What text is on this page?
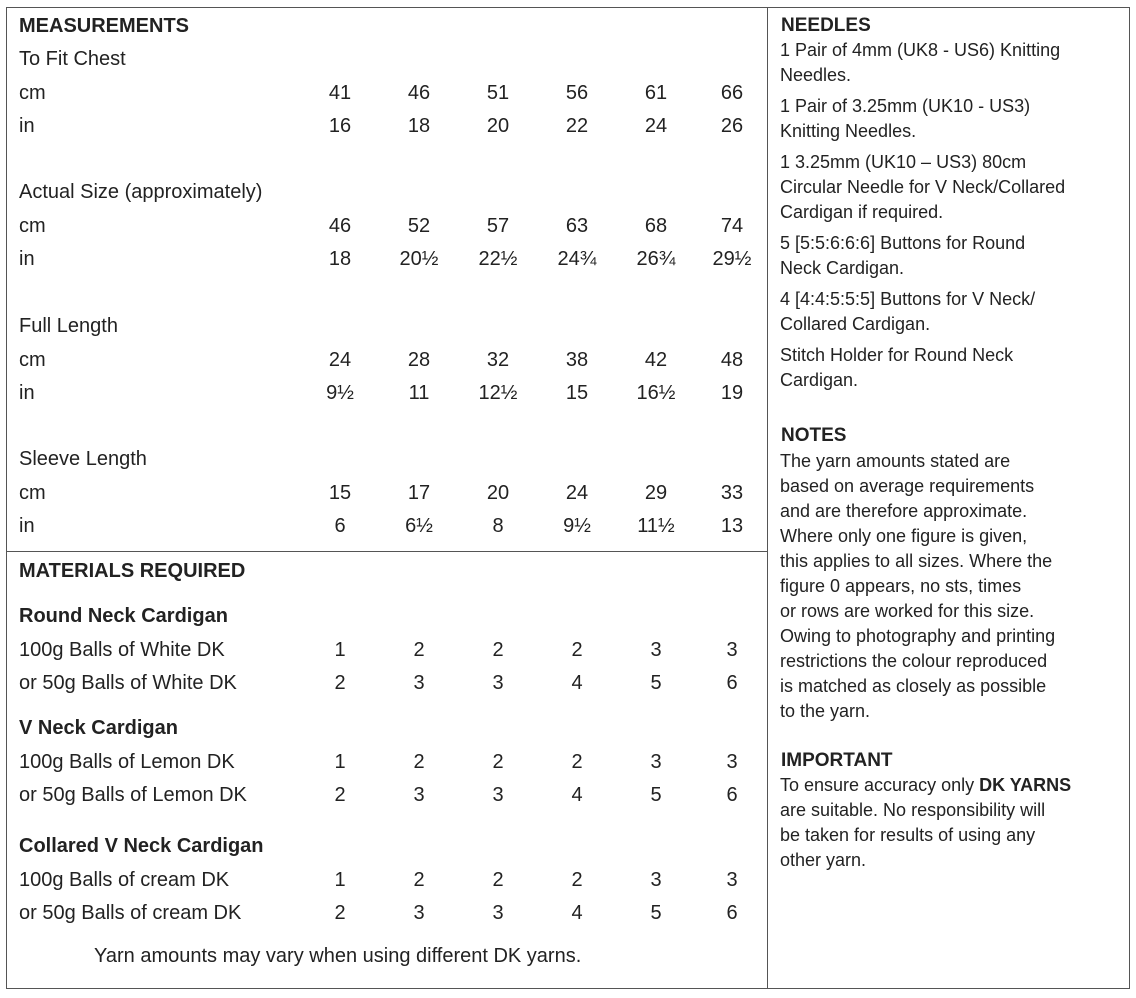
MEASUREMENTS
To Fit Chest
cm	41	46	51	56	61	66
in	16	18	20	22	24	26
Actual Size (approximately)
cm	46	52	57	63	68	74
in	18	20½	22½	24¾	26¾	29½
Full Length
cm	24	28	32	38	42	48
in	9½	11	12½	15	16½	19
Sleeve Length
cm	15	17	20	24	29	33
in	6	6½	8	9½	11½	13
MATERIALS REQUIRED
Round Neck Cardigan
100g Balls of White DK	1	2	2	2	3	3
or 50g Balls of White DK	2	3	3	4	5	6
V Neck Cardigan
100g Balls of Lemon DK	1	2	2	2	3	3
or 50g Balls of Lemon DK	2	3	3	4	5	6
Collared V Neck Cardigan
100g Balls of cream DK	1	2	2	2	3	3
or 50g Balls of cream DK	2	3	3	4	5	6
Yarn amounts may vary when using different DK yarns.
NEEDLES
1 Pair of 4mm (UK8 - US6) Knitting
Needles.
1 Pair of 3.25mm (UK10 - US3)
Knitting Needles.
1 3.25mm (UK10 – US3) 80cm
Circular Needle for V Neck/Collared
Cardigan if required.
5 [5:5:6:6:6] Buttons for Round
Neck Cardigan.
4 [4:4:5:5:5] Buttons for V Neck/
Collared Cardigan.
Stitch Holder for Round Neck
Cardigan.
NOTES
The yarn amounts stated are
based on average requirements
and are therefore approximate.
Where only one figure is given,
this applies to all sizes. Where the
figure 0 appears, no sts, times
or rows are worked for this size.
Owing to photography and printing
restrictions the colour reproduced
is matched as closely as possible
to the yarn.
IMPORTANT
To ensure accuracy only DK YARNS
are suitable. No responsibility will
be taken for results of using any
other yarn.
